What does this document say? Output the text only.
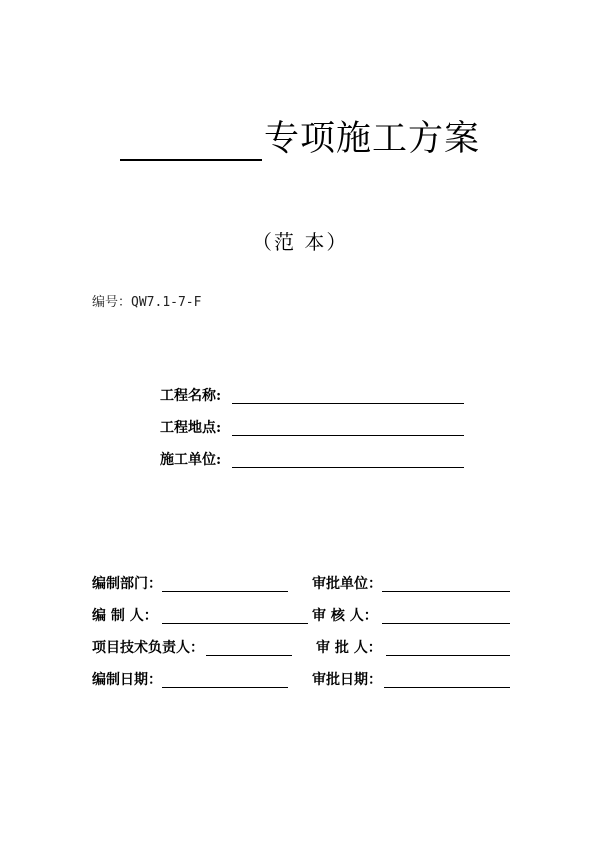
专项施工方案
（范 本）
编号：QW7.1-7-F
工程名称:
工程地点:
施工单位:
编制部门：
编 制 人：
项目技术负责人：
编制日期：
审批单位：
审 核 人：
审 批 人：
审批日期：
